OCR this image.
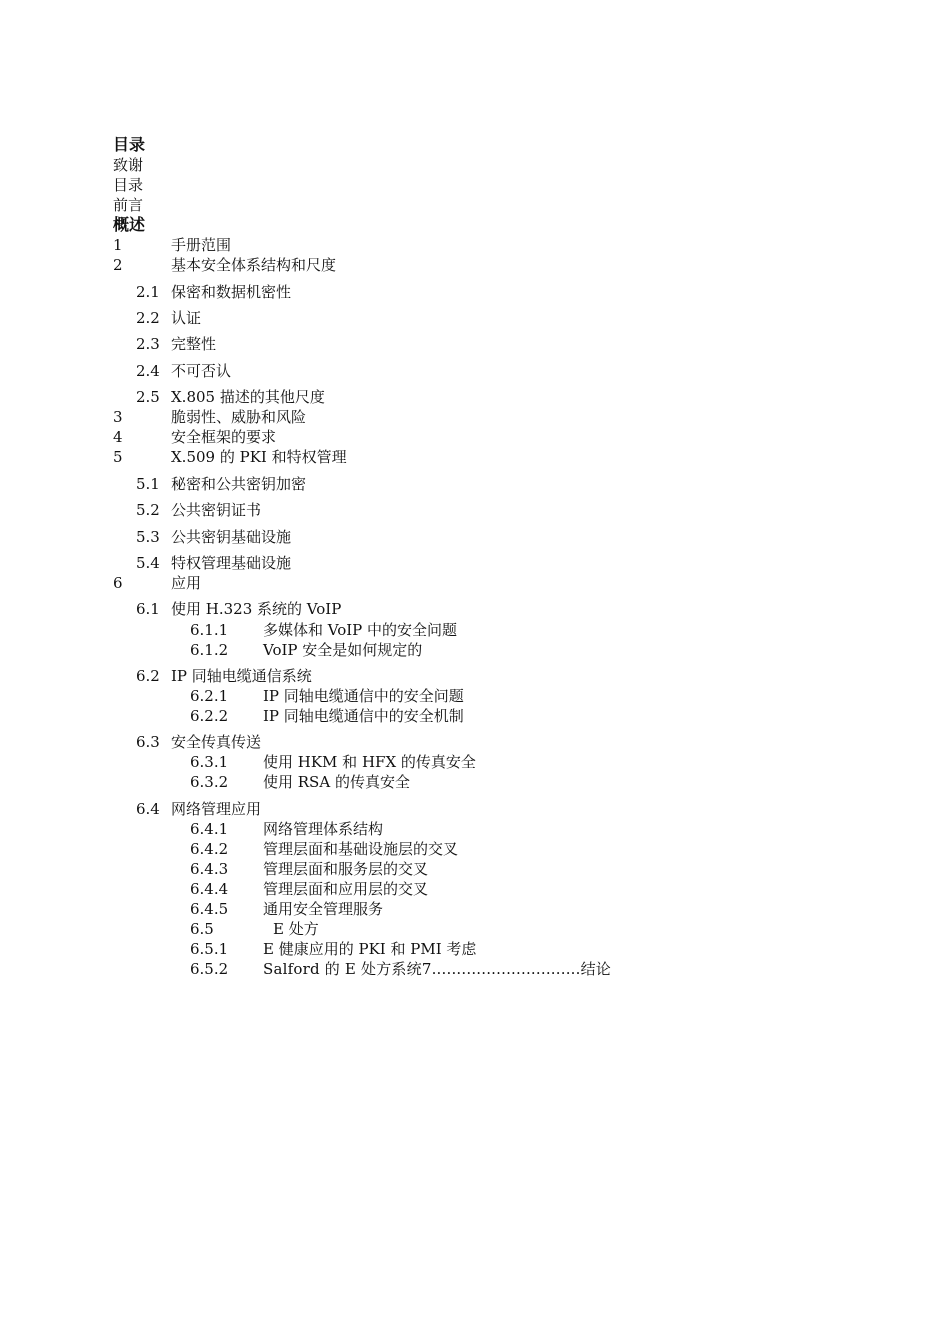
目录
致谢
目录
前言
概述
1	手册范围
2	基本安全体系结构和尺度
2.1 保密和数据机密性
2.2 认证
2.3 完整性
2.4 不可否认
2.5 X.805 描述的其他尺度
3	脆弱性、威胁和风险
4	安全框架的要求
5	X.509 的 PKI 和特权管理
5.1 秘密和公共密钥加密
5.2 公共密钥证书
5.3 公共密钥基础设施
5.4 特权管理基础设施
6	应用
6.1 使用 H.323 系统的 VoIP
6.1.1 多媒体和 VoIP 中的安全问题
6.1.2 VoIP 安全是如何规定的
6.2 IP 同轴电缆通信系统
6.2.1 IP 同轴电缆通信中的安全问题
6.2.2 IP 同轴电缆通信中的安全机制
6.3 安全传真传送
6.3.1 使用 HKM 和 HFX 的传真安全
6.3.2 使用 RSA 的传真安全
6.4 网络管理应用
6.4.1 网络管理体系结构
6.4.2 管理层面和基础设施层的交叉
6.4.3 管理层面和服务层的交叉
6.4.4 管理层面和应用层的交叉
6.4.5 通用安全管理服务
6.5	E 处方
6.5.1 E 健康应用的 PKI 和 PMI 考虑
6.5.2 Salford 的 E 处方系统7..............................结论
